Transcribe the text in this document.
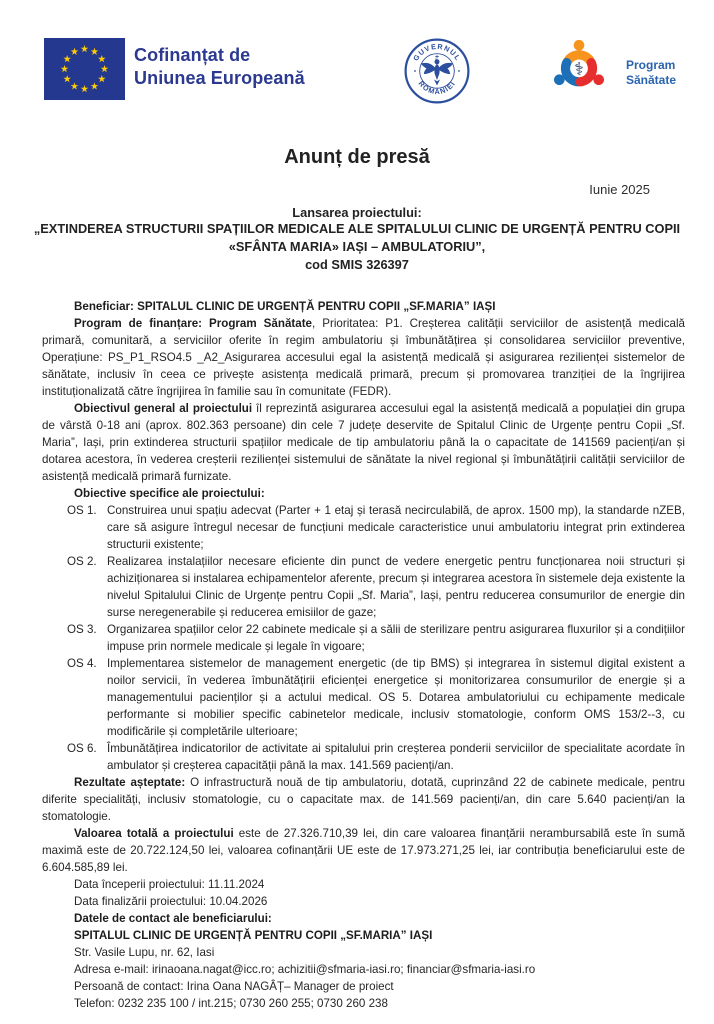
Cofinanțat de
Uniunea Europeană
GUVERNUL
ROMÂNIEI
⚕	Program
Sănătate
Anunț de presă
Iunie 2025
Lansarea proiectului:
„EXTINDEREA STRUCTURII SPAȚIILOR MEDICALE ALE SPITALULUI CLINIC DE URGENȚĂ PENTRU COPII
«SFÂNTA MARIA» IAȘI – AMBULATORIU”,
cod SMIS 326397

Beneficiar: SPITALUL CLINIC DE URGENȚĂ PENTRU COPII „SF.MARIA” IAȘI

Program de finanțare: Program Sănătate, Prioritatea: P1. Creșterea calității serviciilor de asistență medicală primară, comunitară, a serviciilor oferite în regim ambulatoriu și îmbunătățirea și consolidarea serviciilor preventive, Operațiune: PS_P1_RSO4.5 _A2_Asigurarea accesului egal la asistență medicală și asigurarea rezilienței sistemelor de sănătate, inclusiv în ceea ce privește asistența medicală primară, precum și promovarea tranziției de la îngrijirea instituționalizată către îngrijirea în familie sau în comunitate (FEDR).

Obiectivul general al proiectului îl reprezintă asigurarea accesului egal la asistență medicală a populației din grupa de vârstă 0-18 ani (aprox. 802.363 persoane) din cele 7 județe deservite de Spitalul Clinic de Urgențe pentru Copii „Sf. Maria”, Iași, prin extinderea structurii spațiilor medicale de tip ambulatoriu până la o capacitate de 141569 pacienți/an și dotarea acestora, în vederea creșterii rezilienței sistemului de sănătate la nivel regional și îmbunătățirii calității serviciilor de asistență medicală primară furnizate.

Obiective specifice ale proiectului:

OS 1. Construirea unui spațiu adecvat (Parter + 1 etaj și terasă necirculabilă, de aprox. 1500 mp), la standarde nZEB, care să asigure întregul necesar de funcțiuni medicale caracteristice unui ambulatoriu integrat prin extinderea structurii existente;
OS 2. Realizarea instalațiilor necesare eficiente din punct de vedere energetic pentru funcționarea noii structuri și achiziționarea si instalarea echipamentelor aferente, precum și integrarea acestora în sistemele deja existente la nivelul Spitalului Clinic de Urgențe pentru Copii „Sf. Maria”, Iași, pentru reducerea consumurilor de energie din surse neregenerabile și reducerea emisiilor de gaze;
OS 3. Organizarea spațiilor celor 22 cabinete medicale și a sălii de sterilizare pentru asigurarea fluxurilor și a condițiilor impuse prin normele medicale și legale în vigoare;
OS 4. Implementarea sistemelor de management energetic (de tip BMS) și integrarea în sistemul digital existent a noilor servicii, în vederea îmbunătățirii eficienței energetice și monitorizarea consumurilor de energie și a managementului pacienților și a actului medical. OS 5. Dotarea ambulatoriului cu echipamente medicale performante si mobilier specific cabinetelor medicale, inclusiv stomatologie, conform OMS 153/2--3, cu modificările și completările ulterioare;
OS 6. Îmbunătățirea indicatorilor de activitate ai spitalului prin creșterea ponderii serviciilor de specialitate acordate în ambulator și creșterea capacității până la max. 141.569 pacienți/an.

Rezultate așteptate: O infrastructură nouă de tip ambulatoriu, dotată, cuprinzând 22 de cabinete medicale, pentru diferite specialități, inclusiv stomatologie, cu o capacitate max. de 141.569 pacienți/an, din care 5.640 pacienți/an la stomatologie.

Valoarea totală a proiectului este de 27.326.710,39 lei, din care valoarea finanțării nerambursabilă este în sumă maximă este de 20.722.124,50 lei, valoarea cofinanțării UE este de 17.973.271,25 lei, iar contribuția beneficiarului este de 6.604.585,89 lei.

Data începerii proiectului: 11.11.2024

Data finalizării proiectului: 10.04.2026

Datele de contact ale beneficiarului:

SPITALUL CLINIC DE URGENȚĂ PENTRU COPII „SF.MARIA” IAȘI

Str. Vasile Lupu, nr. 62, Iasi

Adresa e-mail: irinaoana.nagat@icc.ro; achizitii@sfmaria-iasi.ro; financiar@sfmaria-iasi.ro

Persoană de contact: Irina Oana NAGÂȚ– Manager de proiect

Telefon: 0232 235 100 / int.215; 0730 260 255; 0730 260 238
